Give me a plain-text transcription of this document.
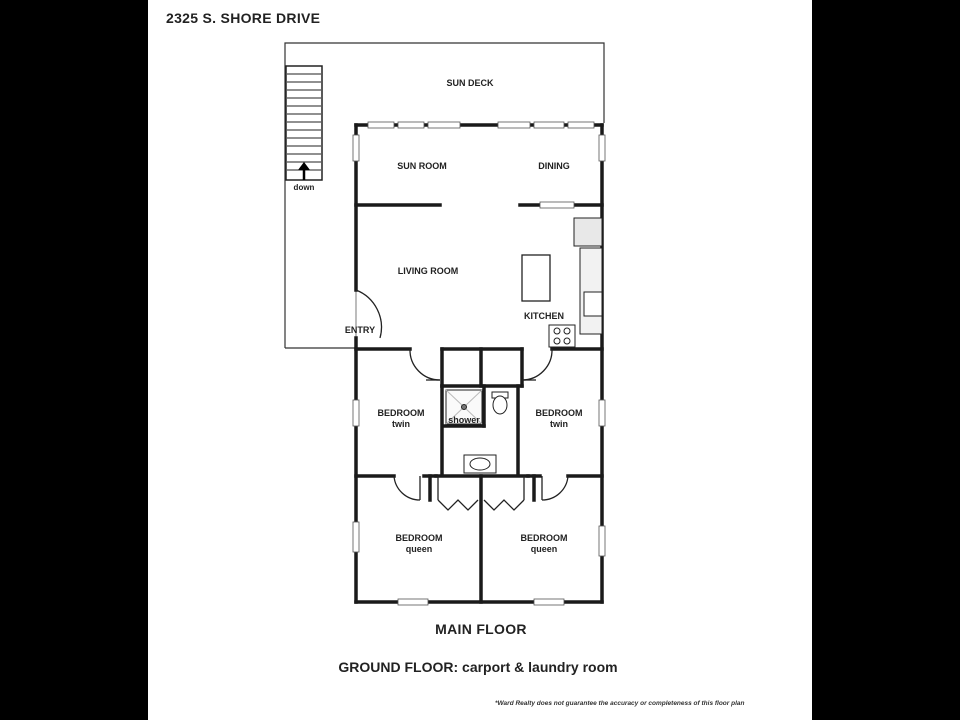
2325 S. SHORE DRIVE
SUN DECK
SUN ROOM	DINING
LIVING ROOM
KITCHEN
ENTRY
shower
down
BEDROOM
twin
BEDROOM
twin
BEDROOM
queen
BEDROOM
queen
MAIN FLOOR
GROUND FLOOR: carport & laundry room
*Ward Realty does not guarantee the accuracy or completeness of this floor plan
